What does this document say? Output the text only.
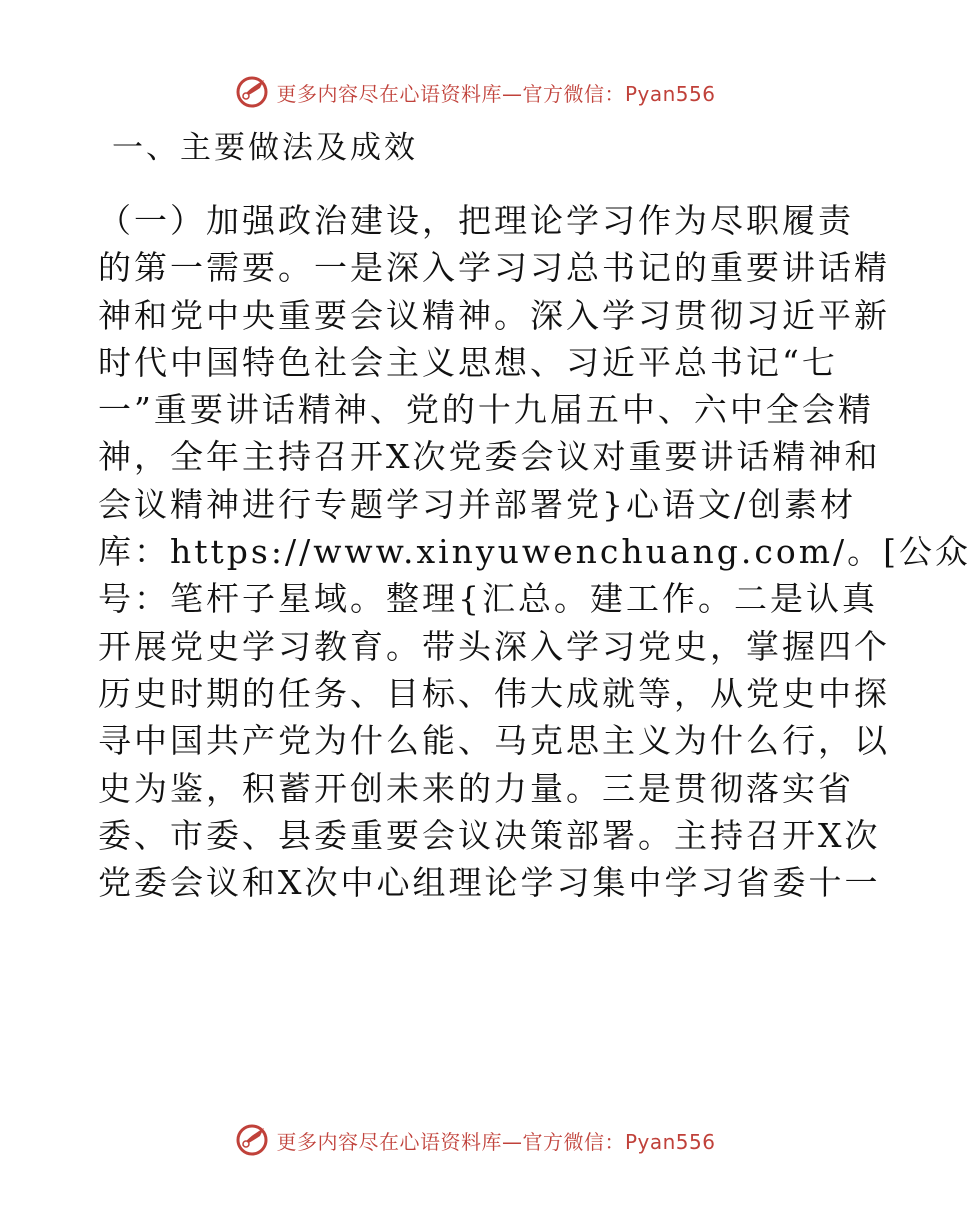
更多内容尽在心语资料库—官方微信：Pyan556
一、主要做法及成效
（一）加强政治建设，把理论学习作为尽职履责
的第一需要。一是深入学习习总书记的重要讲话精
神和党中央重要会议精神。深入学习贯彻习近平新
时代中国特色社会主义思想、习近平总书记“七
一”重要讲话精神、党的十九届五中、六中全会精
神，全年主持召开X次党委会议对重要讲话精神和
会议精神进行专题学习并部署党}心语文/创素材
库：https://www.xinyuwenchuang.com/。[公众
号：笔杆子星域。整理{汇总。建工作。二是认真
开展党史学习教育。带头深入学习党史，掌握四个
历史时期的任务、目标、伟大成就等，从党史中探
寻中国共产党为什么能、马克思主义为什么行，以
史为鉴，积蓄开创未来的力量。三是贯彻落实省
委、市委、县委重要会议决策部署。主持召开X次
党委会议和X次中心组理论学习集中学习省委十一
更多内容尽在心语资料库—官方微信：Pyan556
